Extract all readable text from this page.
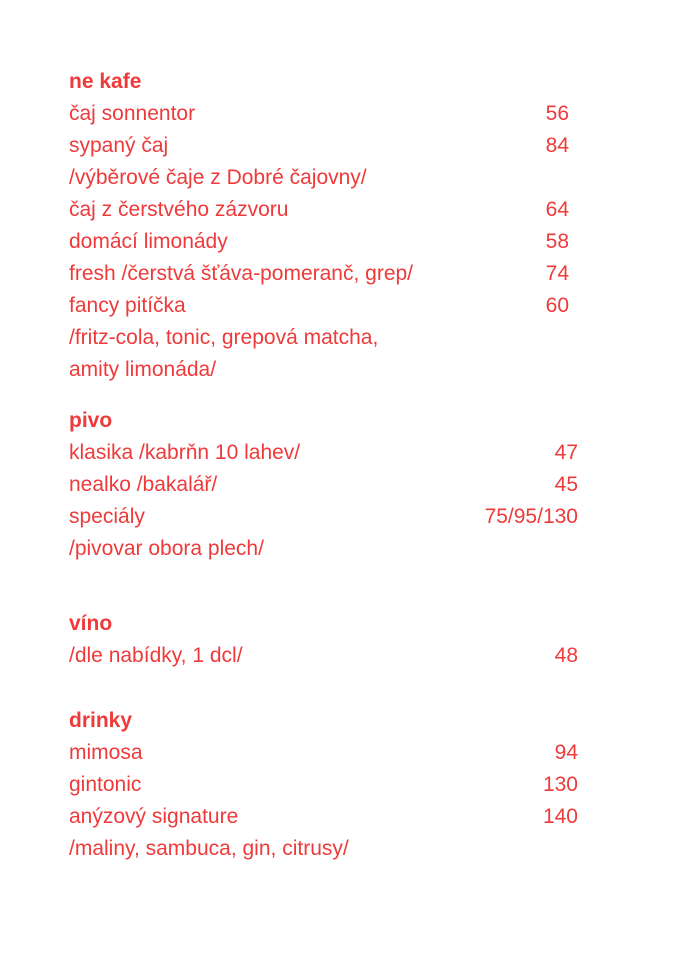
ne kafe
čaj sonnentor	56
sypaný čaj	84
/výběrové čaje z Dobré čajovny/
čaj z čerstvého zázvoru	64
domácí limonády	58
fresh /čerstvá šťáva-pomeranč, grep/	74
fancy pitíčka	60
/fritz-cola, tonic, grepová matcha,
amity limonáda/
pivo
klasika /kabrňn 10 lahev/	47
nealko /bakalář/	45
speciály	75/95/130
/pivovar obora plech/
víno
/dle nabídky, 1 dcl/	48
drinky
mimosa	94
gintonic	130
anýzový signature	140
/maliny, sambuca, gin, citrusy/
